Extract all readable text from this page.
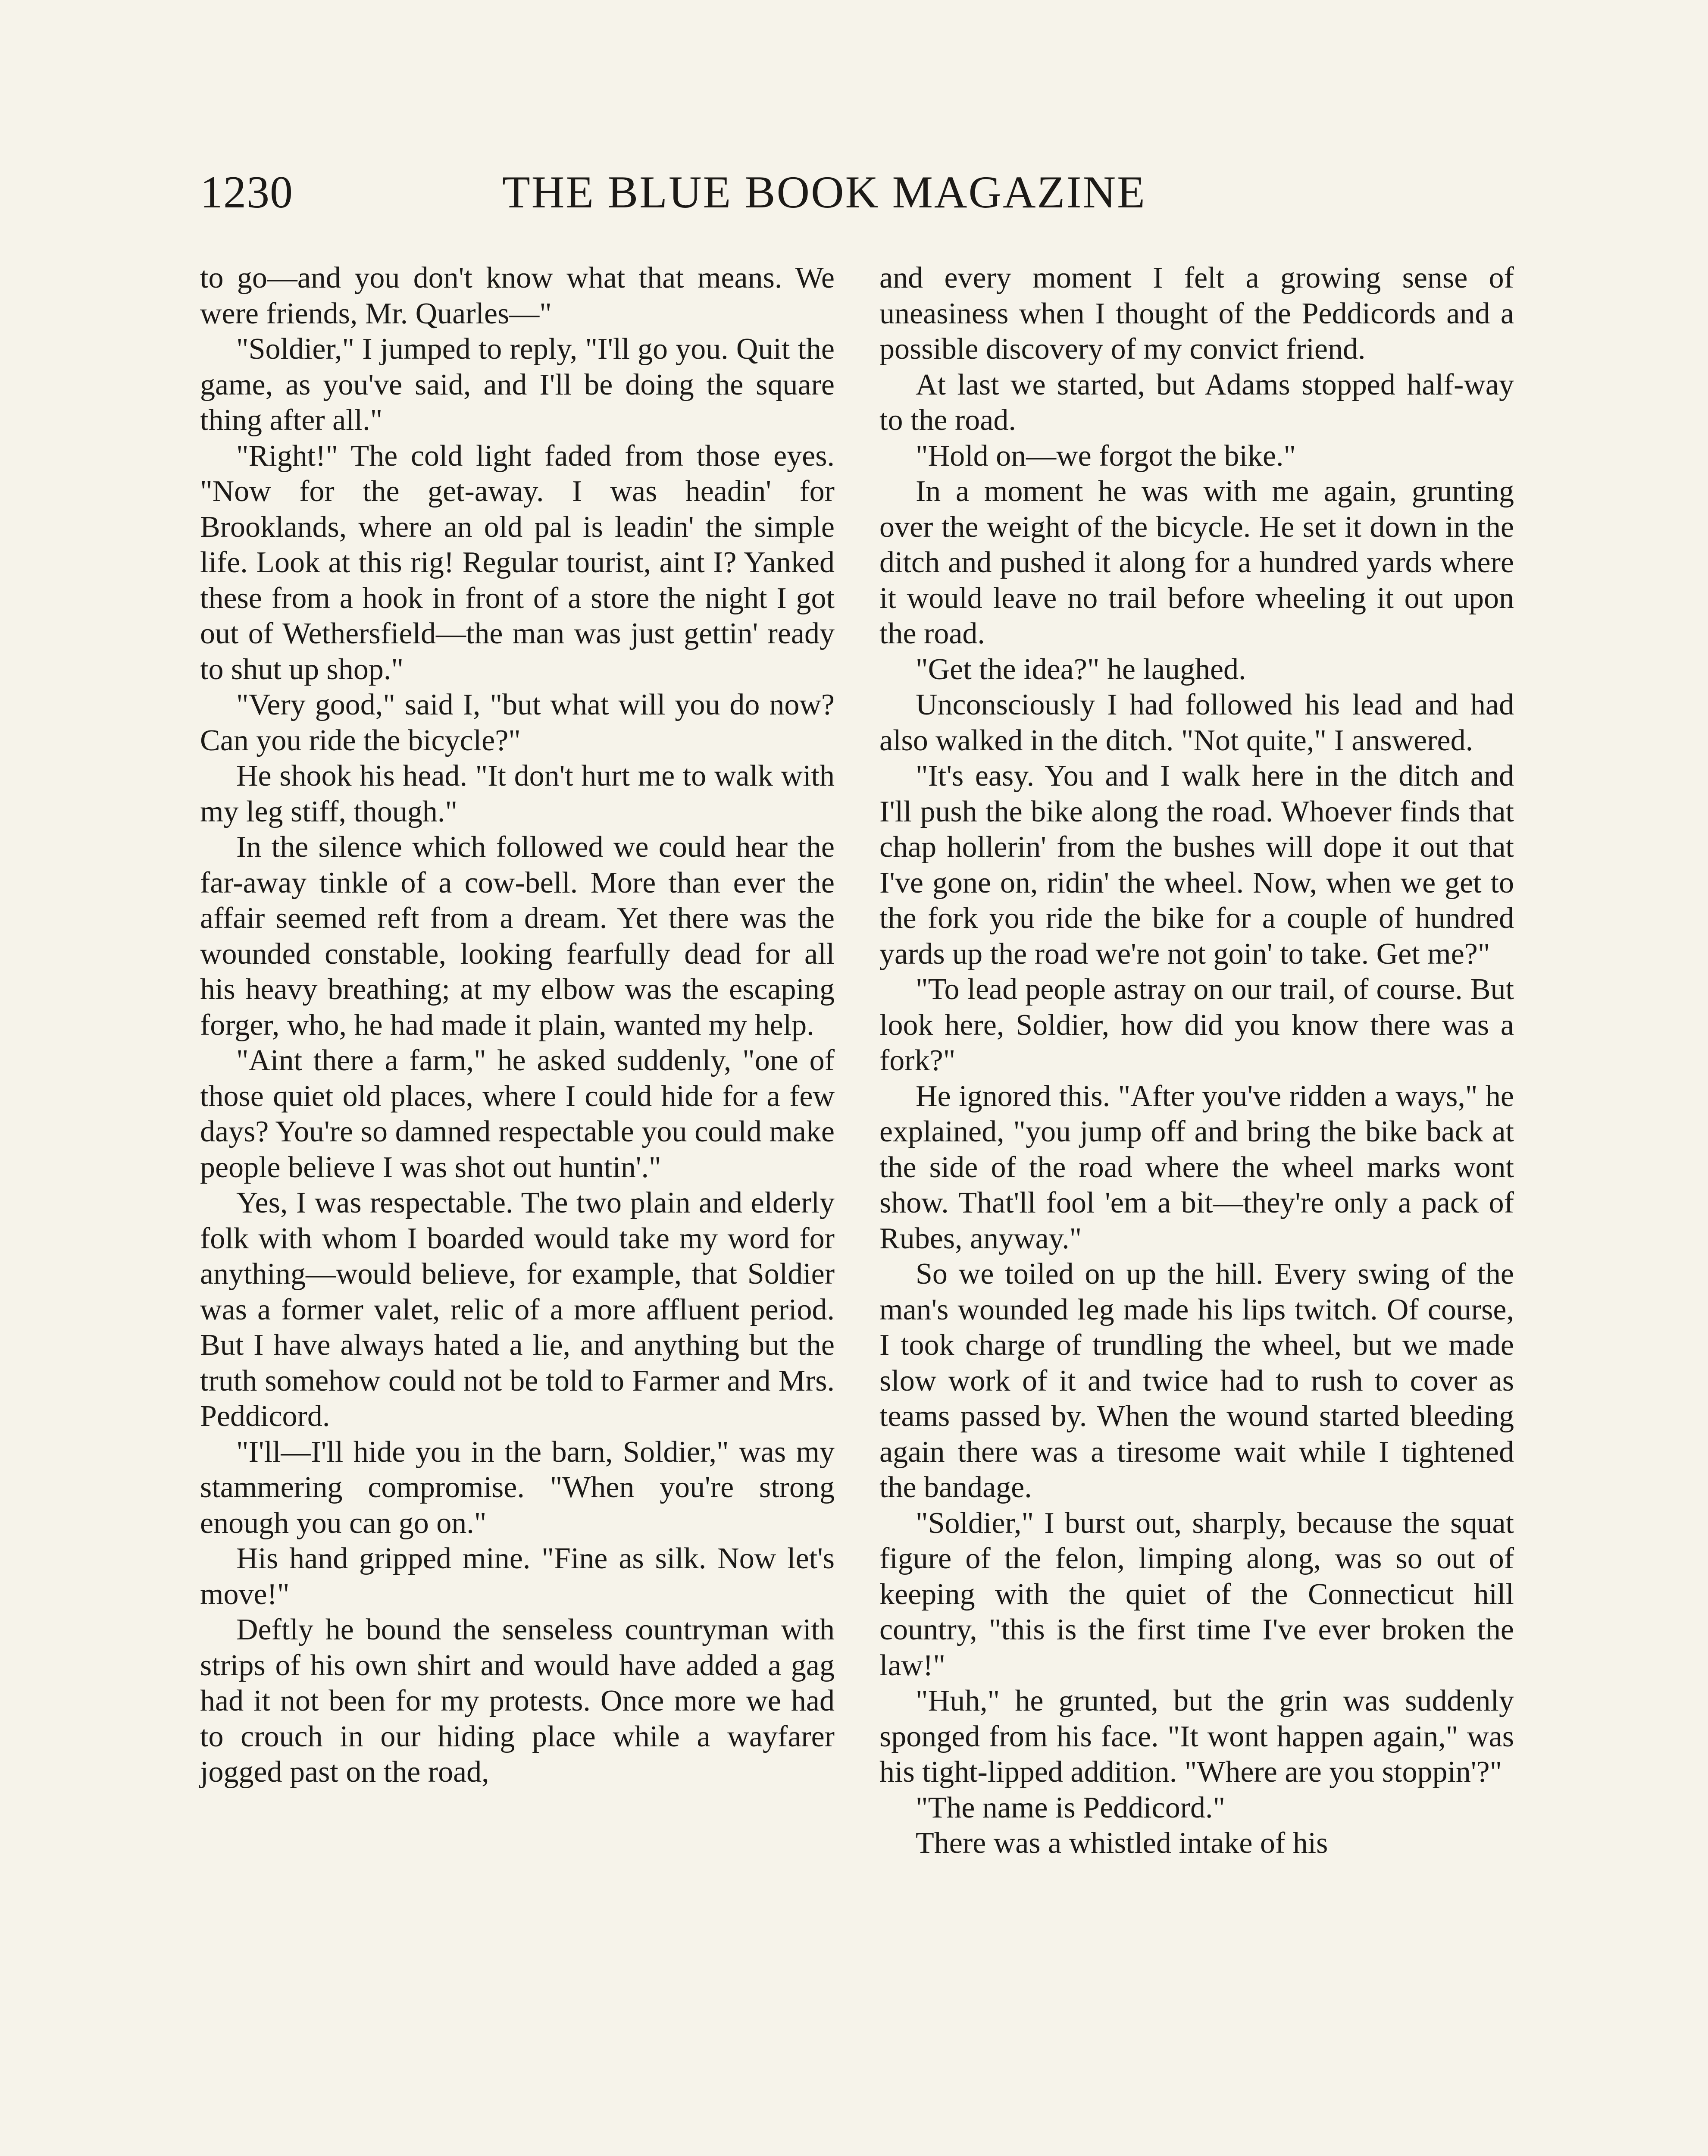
1230	THE BLUE BOOK MAGAZINE

to go—and you don't know what that means. We were friends, Mr. Quarles—"

"Soldier," I jumped to reply, "I'll go you. Quit the game, as you've said, and I'll be doing the square thing after all."

"Right!" The cold light faded from those eyes. "Now for the get-away. I was headin' for Brooklands, where an old pal is leadin' the simple life. Look at this rig! Regular tourist, aint I? Yanked these from a hook in front of a store the night I got out of Wethersfield—the man was just gettin' ready to shut up shop."

"Very good," said I, "but what will you do now? Can you ride the bicycle?"

He shook his head. "It don't hurt me to walk with my leg stiff, though."

In the silence which followed we could hear the far-away tinkle of a cow-bell. More than ever the affair seemed reft from a dream. Yet there was the wounded constable, looking fearfully dead for all his heavy breathing; at my elbow was the escaping forger, who, he had made it plain, wanted my help.

"Aint there a farm," he asked suddenly, "one of those quiet old places, where I could hide for a few days? You're so damned respectable you could make people believe I was shot out huntin'."

Yes, I was respectable. The two plain and elderly folk with whom I boarded would take my word for anything—would believe, for example, that Soldier was a former valet, relic of a more affluent period. But I have always hated a lie, and anything but the truth somehow could not be told to Farmer and Mrs. Peddicord.

"I'll—I'll hide you in the barn, Soldier," was my stammering compromise. "When you're strong enough you can go on."

His hand gripped mine. "Fine as silk. Now let's move!"

Deftly he bound the senseless countryman with strips of his own shirt and would have added a gag had it not been for my protests. Once more we had to crouch in our hiding place while a wayfarer jogged past on the road,

and every moment I felt a growing sense of uneasiness when I thought of the Peddicords and a possible discovery of my convict friend.

At last we started, but Adams stopped half-way to the road.

"Hold on—we forgot the bike."

In a moment he was with me again, grunting over the weight of the bicycle. He set it down in the ditch and pushed it along for a hundred yards where it would leave no trail before wheeling it out upon the road.

"Get the idea?" he laughed.

Unconsciously I had followed his lead and had also walked in the ditch. "Not quite," I answered.

"It's easy. You and I walk here in the ditch and I'll push the bike along the road. Whoever finds that chap hollerin' from the bushes will dope it out that I've gone on, ridin' the wheel. Now, when we get to the fork you ride the bike for a couple of hundred yards up the road we're not goin' to take. Get me?"

"To lead people astray on our trail, of course. But look here, Soldier, how did you know there was a fork?"

He ignored this. "After you've ridden a ways," he explained, "you jump off and bring the bike back at the side of the road where the wheel marks wont show. That'll fool 'em a bit—they're only a pack of Rubes, anyway."

So we toiled on up the hill. Every swing of the man's wounded leg made his lips twitch. Of course, I took charge of trundling the wheel, but we made slow work of it and twice had to rush to cover as teams passed by. When the wound started bleeding again there was a tiresome wait while I tightened the bandage.

"Soldier," I burst out, sharply, because the squat figure of the felon, limping along, was so out of keeping with the quiet of the Connecticut hill country, "this is the first time I've ever broken the law!"

"Huh," he grunted, but the grin was suddenly sponged from his face. "It wont happen again," was his tight-lipped addition. "Where are you stoppin'?"

"The name is Peddicord."

There was a whistled intake of his
